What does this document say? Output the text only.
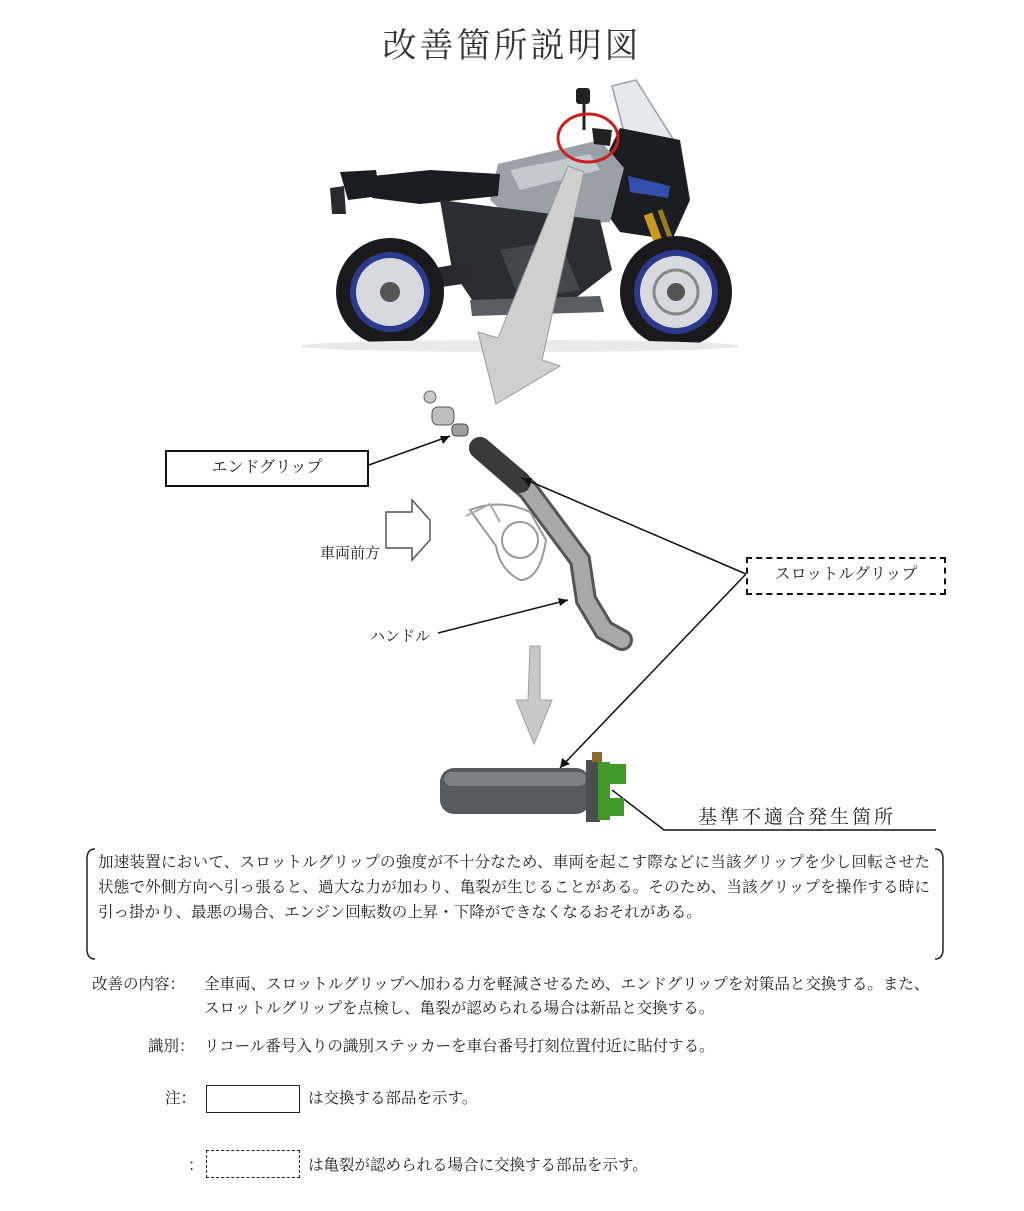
改善箇所説明図
エンドグリップ
スロットルグリップ
車両前方
ハンドル
基準不適合発生箇所
加速装置において、スロットルグリップの強度が不十分なため、車両を起こす際などに当該グリップを少し回転させた状態で外側方向へ引っ張ると、過大な力が加わり、亀裂が生じることがある。そのため、当該グリップを操作する時に引っ掛かり、最悪の場合、エンジン回転数の上昇・下降ができなくなるおそれがある。
改善の内容： 全車両、スロットルグリップへ加わる力を軽減させるため、エンドグリップを対策品と交換する。また、スロットルグリップを点検し、亀裂が認められる場合は新品と交換する。
識別： リコール番号入りの識別ステッカーを車台番号打刻位置付近に貼付する。
注：	は交換する部品を示す。
：	は亀裂が認められる場合に交換する部品を示す。
